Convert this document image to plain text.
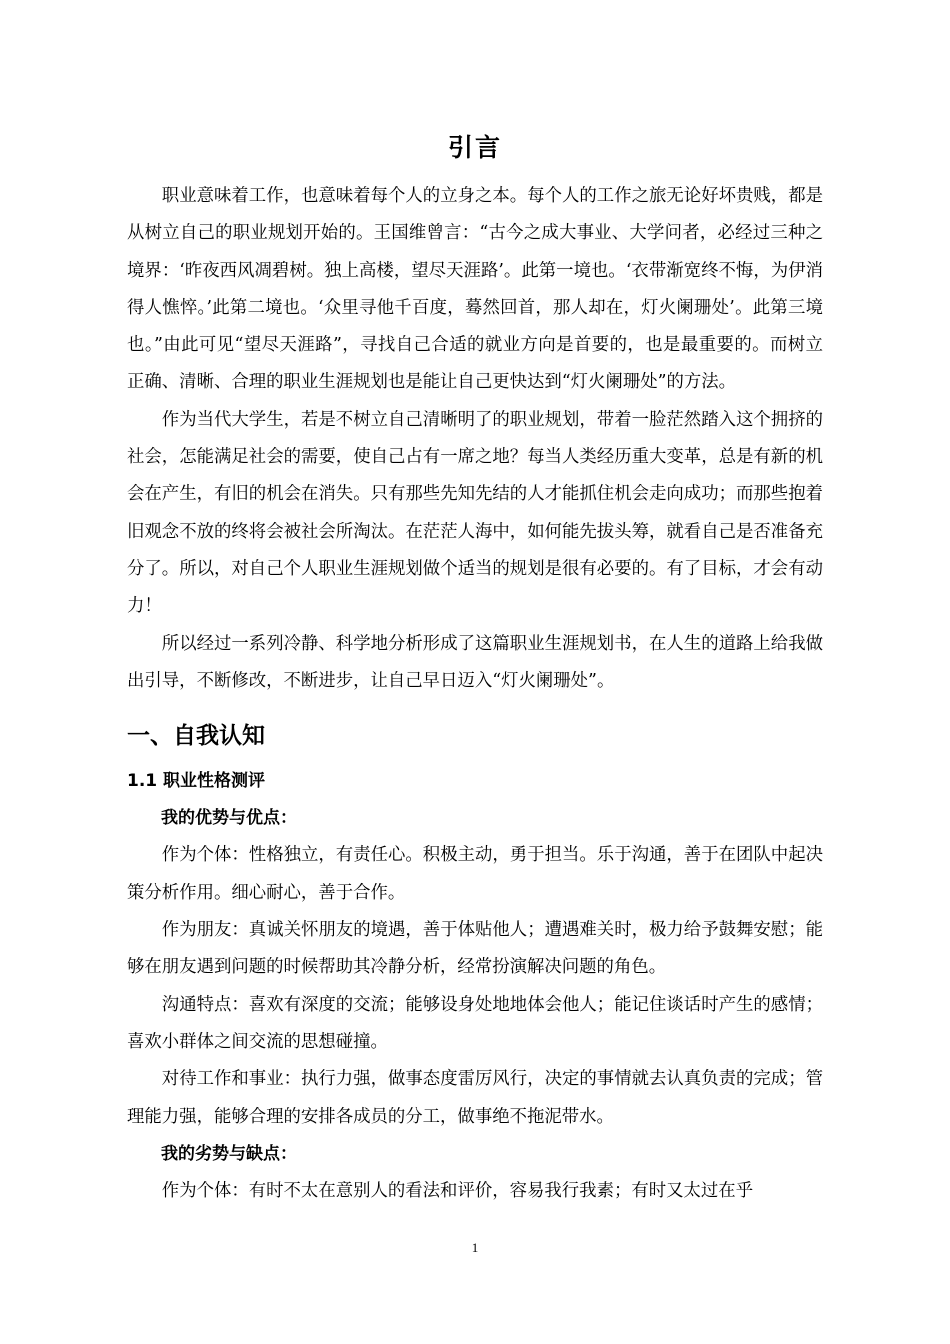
引言

职业意味着工作，也意味着每个人的立身之本。每个人的工作之旅无论好坏贵贱，都是从树立自己的职业规划开始的。王国维曾言：“古今之成大事业、大学问者，必经过三种之境界：‘昨夜西风凋碧树。独上高楼，望尽天涯路’。此第一境也。‘衣带渐宽终不悔，为伊消得人憔悴。’此第二境也。‘众里寻他千百度，蓦然回首，那人却在，灯火阑珊处’。此第三境也。”由此可见“望尽天涯路”，寻找自己合适的就业方向是首要的，也是最重要的。而树立正确、清晰、合理的职业生涯规划也是能让自己更快达到“灯火阑珊处”的方法。

作为当代大学生，若是不树立自己清晰明了的职业规划，带着一脸茫然踏入这个拥挤的社会，怎能满足社会的需要，使自己占有一席之地？每当人类经历重大变革，总是有新的机会在产生，有旧的机会在消失。只有那些先知先结的人才能抓住机会走向成功；而那些抱着旧观念不放的终将会被社会所淘汰。在茫茫人海中，如何能先拔头筹，就看自己是否准备充分了。所以，对自己个人职业生涯规划做个适当的规划是很有必要的。有了目标，才会有动力！

所以经过一系列冷静、科学地分析形成了这篇职业生涯规划书，在人生的道路上给我做出引导，不断修改，不断进步，让自己早日迈入“灯火阑珊处”。

一、自我认知
1.1 职业性格测评

我的优势与优点：

作为个体：性格独立，有责任心。积极主动，勇于担当。乐于沟通，善于在团队中起决策分析作用。细心耐心，善于合作。

作为朋友：真诚关怀朋友的境遇，善于体贴他人；遭遇难关时，极力给予鼓舞安慰；能够在朋友遇到问题的时候帮助其冷静分析，经常扮演解决问题的角色。

沟通特点：喜欢有深度的交流；能够设身处地地体会他人；能记住谈话时产生的感情；喜欢小群体之间交流的思想碰撞。

对待工作和事业：执行力强，做事态度雷厉风行，决定的事情就去认真负责的完成；管理能力强，能够合理的安排各成员的分工，做事绝不拖泥带水。

我的劣势与缺点：

作为个体：有时不太在意别人的看法和评价，容易我行我素；有时又太过在乎

1
